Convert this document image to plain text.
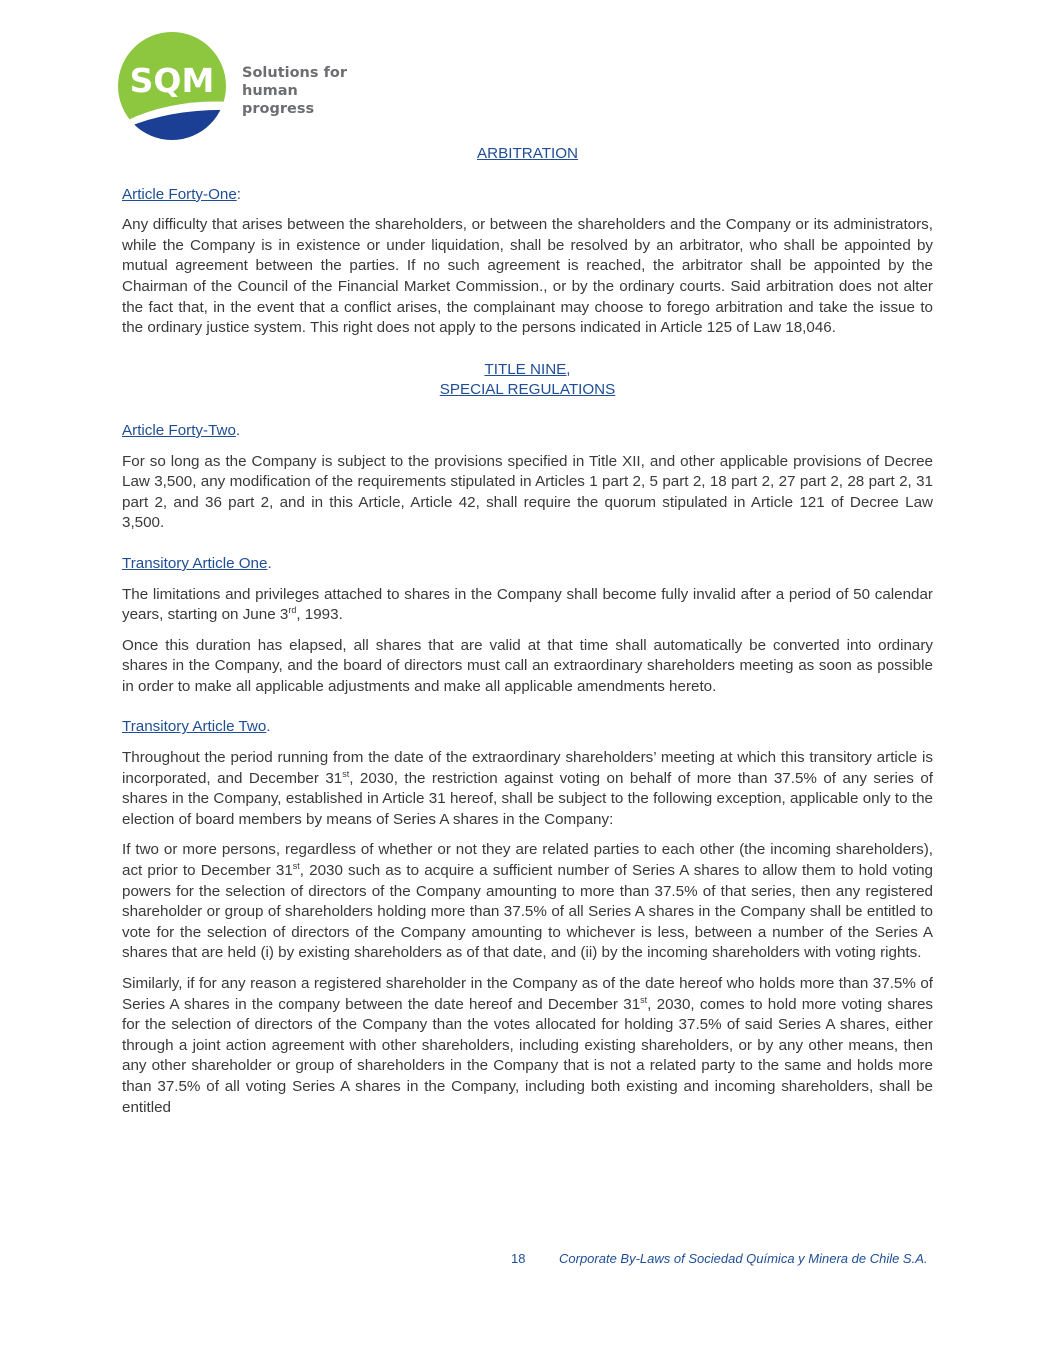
SQM Solutions for human progress

ARBITRATION

Article Forty-One:

Any difficulty that arises between the shareholders, or between the shareholders and the Company or its administrators, while the Company is in existence or under liquidation, shall be resolved by an arbitrator, who shall be appointed by mutual agreement between the parties. If no such agreement is reached, the arbitrator shall be appointed by the Chairman of the Council of the Financial Market Commission., or by the ordinary courts. Said arbitration does not alter the fact that, in the event that a conflict arises, the complainant may choose to forego arbitration and take the issue to the ordinary justice system. This right does not apply to the persons indicated in Article 125 of Law 18,046.

TITLE NINE,

SPECIAL REGULATIONS

Article Forty-Two.

For so long as the Company is subject to the provisions specified in Title XII, and other applicable provisions of Decree Law 3,500, any modification of the requirements stipulated in Articles 1 part 2, 5 part 2, 18 part 2, 27 part 2, 28 part 2, 31 part 2, and 36 part 2, and in this Article, Article 42, shall require the quorum stipulated in Article 121 of Decree Law 3,500.

Transitory Article One.

The limitations and privileges attached to shares in the Company shall become fully invalid after a period of 50 calendar years, starting on June 3rd, 1993.

Once this duration has elapsed, all shares that are valid at that time shall automatically be converted into ordinary shares in the Company, and the board of directors must call an extraordinary shareholders meeting as soon as possible in order to make all applicable adjustments and make all applicable amendments hereto.

Transitory Article Two.

Throughout the period running from the date of the extraordinary shareholders’ meeting at which this transitory article is incorporated, and December 31st, 2030, the restriction against voting on behalf of more than 37.5% of any series of shares in the Company, established in Article 31 hereof, shall be subject to the following exception, applicable only to the election of board members by means of Series A shares in the Company:

If two or more persons, regardless of whether or not they are related parties to each other (the incoming shareholders), act prior to December 31st, 2030 such as to acquire a sufficient number of Series A shares to allow them to hold voting powers for the selection of directors of the Company amounting to more than 37.5% of that series, then any registered shareholder or group of shareholders holding more than 37.5% of all Series A shares in the Company shall be entitled to vote for the selection of directors of the Company amounting to whichever is less, between a number of the Series A shares that are held (i) by existing shareholders as of that date, and (ii) by the incoming shareholders with voting rights.

Similarly, if for any reason a registered shareholder in the Company as of the date hereof who holds more than 37.5% of Series A shares in the company between the date hereof and December 31st, 2030, comes to hold more voting shares for the selection of directors of the Company than the votes allocated for holding 37.5% of said Series A shares, either through a joint action agreement with other shareholders, including existing shareholders, or by any other means, then any other shareholder or group of shareholders in the Company that is not a related party to the same and holds more than 37.5% of all voting Series A shares in the Company, including both existing and incoming shareholders, shall be entitled

18	Corporate By-Laws of Sociedad Química y Minera de Chile S.A.
